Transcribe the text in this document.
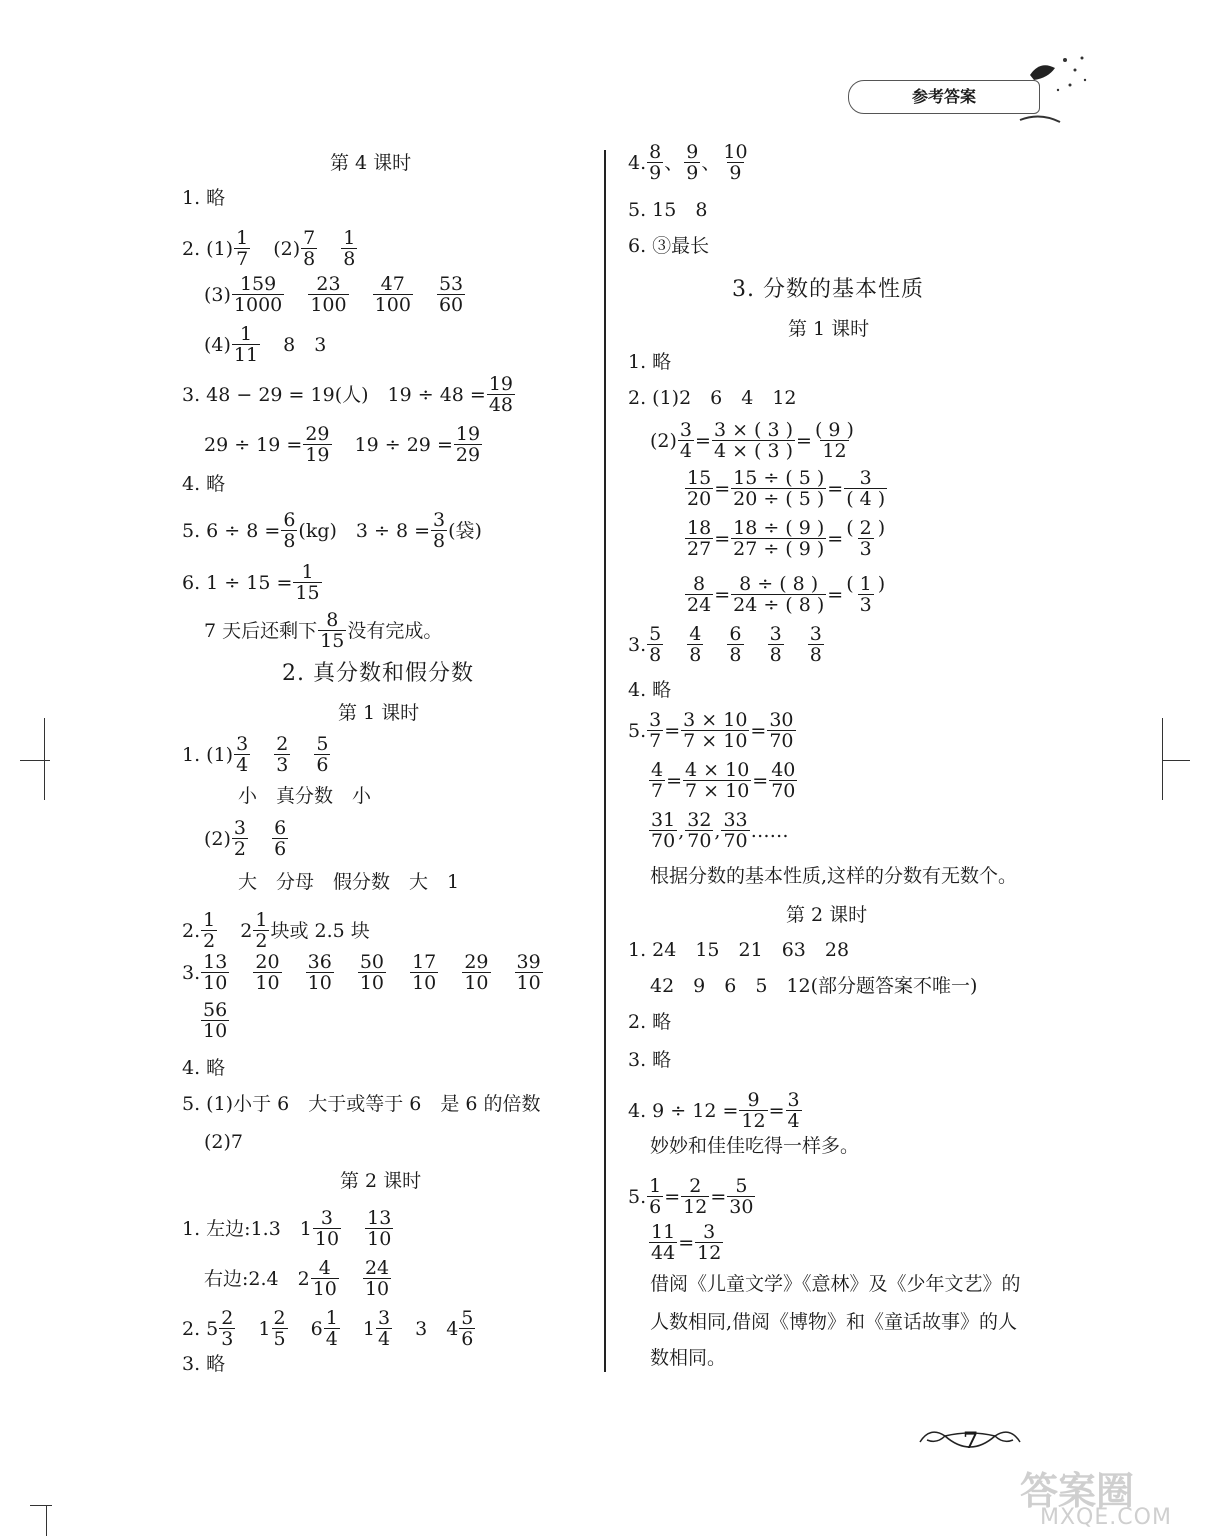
参考答案
第 4 课时
1. 略
2. $(1) \frac{1}{7} (2) \frac{7}{8}$
$\frac{1}{8}$
$(3) \frac{159}{1000}$
$\frac{23}{100}$
$\frac{47}{100}$
$\frac{53}{60}$
$(4) \frac{1}{11} 8$　3
3. 48 − 29 = 19(人)　$19 \div 48 = \frac{19}{48}$
$29 \div 19 = \frac{29}{19} 19 \div 29 = \frac{19}{29}$
4. 略
5. $6 \div 8 = \frac{6}{8} (kg)$　$3 \div 8 = \frac{3}{8}$ (袋)
6. $1 \div 15 = \frac{1}{15}$
7 天后还剩下 $\frac{8}{15}$ 没有完成。
2. 真分数和假分数
第 1 课时
1. $(1) \frac{3}{4}$
$\frac{2}{3}$
$\frac{5}{6}$
小　真分数　小
$(2) \frac{3}{2}$
$\frac{6}{6}$
大　分母　假分数　大　1
2. $\frac{1}{2} 2 \frac{1}{2}$ 块或 2.5 块
3. $\frac{13}{10}$
$\frac{20}{10}$
$\frac{36}{10}$
$\frac{50}{10}$
$\frac{17}{10}$
$\frac{29}{10}$
$\frac{39}{10}$
$\frac{56}{10}$
4. 略
5. (1)小于 6　大于或等于 6　是 6 的倍数
(2)7
第 2 课时
1. 左边:1.3　$1 \frac{3}{10}$
$\frac{13}{10}$
右边:2.4　$2 \frac{4}{10}$
$\frac{24}{10}$
2. $5 \frac{2}{3} 1 \frac{2}{5} 6 \frac{1}{4} 1 \frac{3}{4} 3$　$4 \frac{5}{6}$
3. 略
4. $\frac{8}{9}$ 、 $\frac{9}{9}$ 、 $\frac{10}{9}$
5. 15　8
6. ③最长
3. 分数的基本性质
第 1 课时
1. 略
2. (1)2　6　4　12
$(2) \frac{3}{4} = \frac{3 \times ( 3 )}{4 \times ( 3 )} = \frac{( 9 )}{12}$
$\frac{15}{20} = \frac{15 \div ( 5 )}{20 \div ( 5 )} = \frac{3}{( 4 )}$
$\frac{18}{27} = \frac{18 \div ( 9 )}{27 \div ( 9 )} = \frac{( 2 )}{3}$
$\frac{8}{24} = \frac{8 \div ( 8 )}{24 \div ( 8 )} = \frac{( 1 )}{3}$
3. $\frac{5}{8}$
$\frac{4}{8}$
$\frac{6}{8}$
$\frac{3}{8}$
$\frac{3}{8}$
4. 略
5. $\frac{3}{7} = \frac{3 \times 10}{7 \times 10} = \frac{30}{70}$
$\frac{4}{7} = \frac{4 \times 10}{7 \times 10} = \frac{40}{70}$
$\frac{31}{70}$ , $\frac{32}{70}$ , $\frac{33}{70}$ ……
根据分数的基本性质,这样的分数有无数个。
第 2 课时
1. 24　15　21　63　28
42　9　6　5　12(部分题答案不唯一)
2. 略
3. 略
4. $9 \div 12 = \frac{9}{12} = \frac{3}{4}$
妙妙和佳佳吃得一样多。
5. $\frac{1}{6} = \frac{2}{12} = \frac{5}{30}$
$\frac{11}{44} = \frac{3}{12}$
借阅《儿童文学》《意林》及《少年文艺》的
人数相同,借阅《博物》和《童话故事》的人
数相同。
7
答案圈
MXQE.COM
